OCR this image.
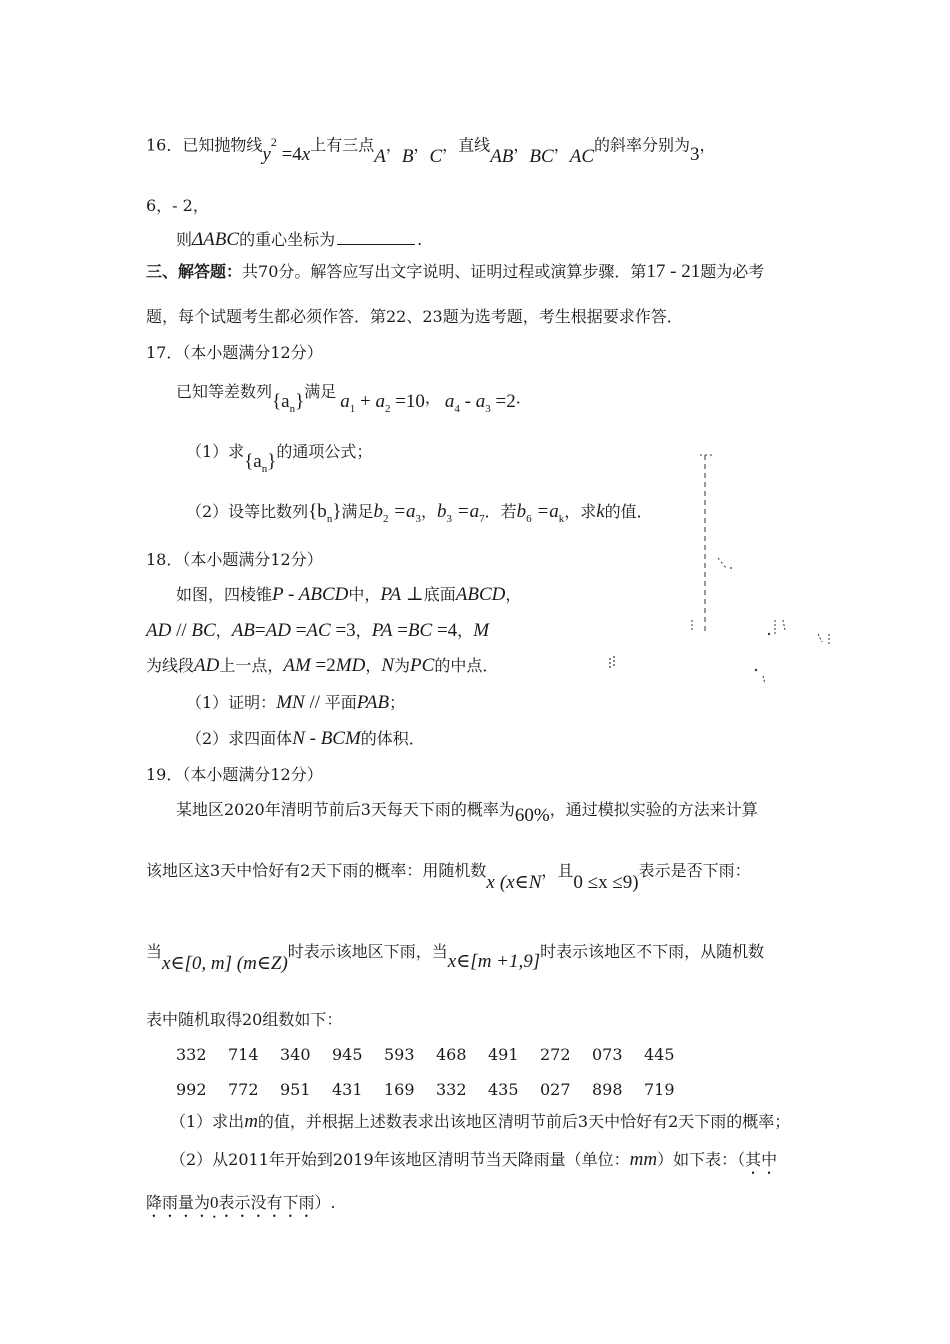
16．已知抛物线$y^2 =4x$上有三点A，B，C，直线AB，BC，AC的斜率分别为3，
6，- 2，
则ΔABC的重心坐标为	.
三、解答题：共70分。解答应写出文字说明、证明过程或演算步骤．第17 - 21题为必考
题，每个试题考生都必须作答．第22、23题为选考题，考生根据要求作答．
17．（本小题满分12分）
已知等差数列$\{a_n\}$满足 $a_1 + a_2 =10$， $a_4 - a_3 =2$．
（1）求$\{a_n\}$的通项公式；
（2）设等比数列$\{b_n\}$满足$b_2 =a_3$，$b_3 =a_7$．若$b_6 =a_k$，求k的值．
18．（本小题满分12分）
如图，四棱锥P - ABCD中，PA ⊥底面ABCD，
AD // BC，AB=AD =AC =3，PA =BC =4，M
为线段AD上一点，AM =2MD，N为PC的中点．
（1）证明：MN // 平面PAB；
（2）求四面体N - BCM的体积．
19．（本小题满分12分）
某地区2020年清明节前后3天每天下雨的概率为60%，通过模拟实验的方法来计算
该地区这3天中恰好有2天下雨的概率：用随机数x (x∈N，且0 ≤x ≤9)表示是否下雨：
当x∈[0, m] (m∈Z)时表示该地区下雨，当x∈[m +1,9]时表示该地区不下雨，从随机数
表中随机取得20组数如下：
332 714 340 945 593 468 491 272 073 445
992 772 951 431 169 332 435 027 898 719
（1）求出m的值，并根据上述数表求出该地区清明节前后3天中恰好有2天下雨的概率；
（2）从2011年开始到2019年该地区清明节当天降雨量（单位：mm）如下表：（其中
降雨量为0表示没有下雨）.
